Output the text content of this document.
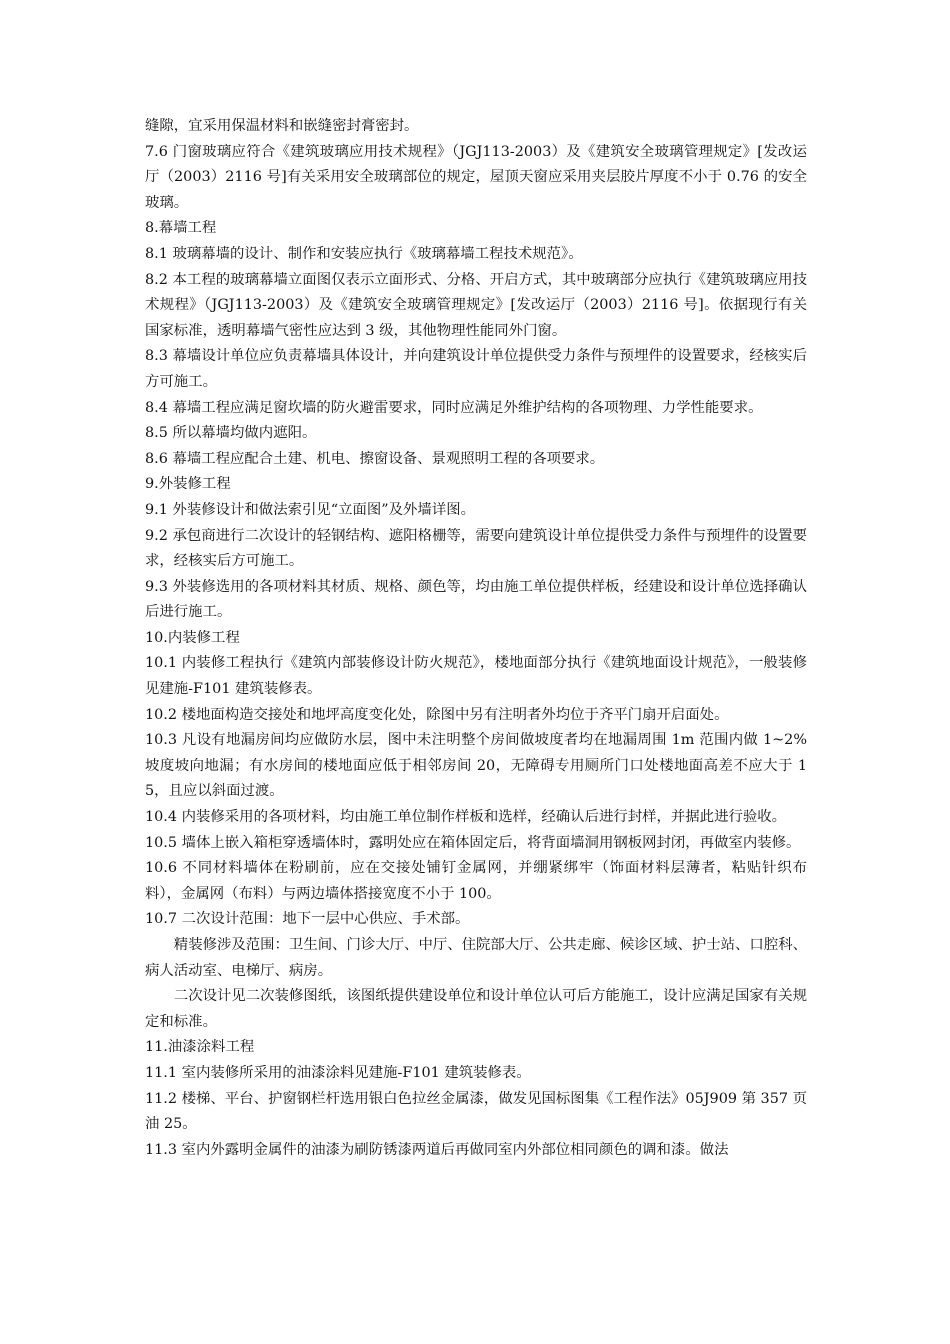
缝隙，宜采用保温材料和嵌缝密封膏密封。

7.6 门窗玻璃应符合《建筑玻璃应用技术规程》（JGJ113-2003）及《建筑安全玻璃管理规定》[发改运厅（2003）2116 号]有关采用安全玻璃部位的规定，屋顶天窗应采用夹层胶片厚度不小于 0.76 的安全玻璃。

8.幕墙工程

8.1 玻璃幕墙的设计、制作和安装应执行《玻璃幕墙工程技术规范》。

8.2 本工程的玻璃幕墙立面图仅表示立面形式、分格、开启方式，其中玻璃部分应执行《建筑玻璃应用技术规程》（JGJ113-2003）及《建筑安全玻璃管理规定》[发改运厅（2003）2116 号]。依据现行有关国家标准，透明幕墙气密性应达到 3 级，其他物理性能同外门窗。

8.3 幕墙设计单位应负责幕墙具体设计，并向建筑设计单位提供受力条件与预埋件的设置要求，经核实后方可施工。

8.4 幕墙工程应满足窗坎墙的防火避雷要求，同时应满足外维护结构的各项物理、力学性能要求。

8.5 所以幕墙均做内遮阳。

8.6 幕墙工程应配合土建、机电、擦窗设备、景观照明工程的各项要求。

9.外装修工程

9.1 外装修设计和做法索引见“立面图”及外墙详图。

9.2 承包商进行二次设计的轻钢结构、遮阳格栅等，需要向建筑设计单位提供受力条件与预埋件的设置要求，经核实后方可施工。

9.3 外装修选用的各项材料其材质、规格、颜色等，均由施工单位提供样板，经建设和设计单位选择确认后进行施工。

10.内装修工程

10.1 内装修工程执行《建筑内部装修设计防火规范》，楼地面部分执行《建筑地面设计规范》，一般装修见建施-F101 建筑装修表。

10.2 楼地面构造交接处和地坪高度变化处，除图中另有注明者外均位于齐平门扇开启面处。

10.3 凡设有地漏房间均应做防水层，图中未注明整个房间做坡度者均在地漏周围 1m 范围内做 1~2%坡度坡向地漏；有水房间的楼地面应低于相邻房间 20，无障碍专用厕所门口处楼地面高差不应大于 15，且应以斜面过渡。

10.4 内装修采用的各项材料，均由施工单位制作样板和选样，经确认后进行封样，并据此进行验收。

10.5 墙体上嵌入箱柜穿透墙体时，露明处应在箱体固定后，将背面墙洞用钢板网封闭，再做室内装修。

10.6 不同材料墙体在粉刷前，应在交接处铺钉金属网，并绷紧绑牢（饰面材料层薄者，粘贴针织布料），金属网（布料）与两边墙体搭接宽度不小于 100。

10.7 二次设计范围：地下一层中心供应、手术部。

精装修涉及范围：卫生间、门诊大厅、中厅、住院部大厅、公共走廊、候诊区域、护士站、口腔科、病人活动室、电梯厅、病房。

二次设计见二次装修图纸，该图纸提供建设单位和设计单位认可后方能施工，设计应满足国家有关规定和标准。

11.油漆涂料工程

11.1 室内装修所采用的油漆涂料见建施-F101 建筑装修表。

11.2 楼梯、平台、护窗钢栏杆选用银白色拉丝金属漆，做发见国标图集《工程作法》05J909 第 357 页油 25。

11.3 室内外露明金属件的油漆为刷防锈漆两道后再做同室内外部位相同颜色的调和漆。做法
